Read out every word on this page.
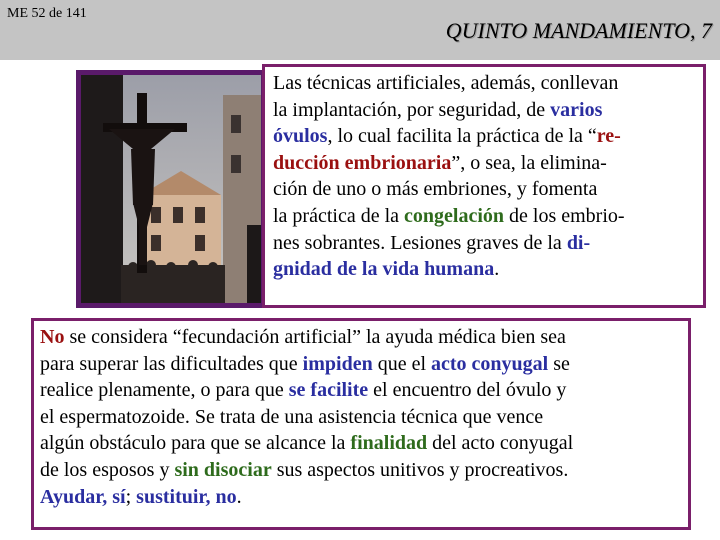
ME 52 de 141
QUINTO MANDAMIENTO, 7

Las técnicas artificiales, además, conllevan
la implantación, por seguridad, de varios
óvulos, lo cual facilita la práctica de la “re-
ducción embrionaria”, o sea, la elimina-
ción de uno o más embriones, y fomenta
la práctica de la congelación de los embrio-
nes sobrantes. Lesiones graves de la di-
gnidad de la vida humana.

No se considera “fecundación artificial” la ayuda médica bien sea
para superar las dificultades que impiden que el acto conyugal se
realice plenamente, o para que se facilite el encuentro del óvulo y
el espermatozoide. Se trata de una asistencia técnica que vence
algún obstáculo para que se alcance la finalidad del acto conyugal
de los esposos y sin disociar sus aspectos unitivos y procreativos.
Ayudar, sí; sustituir, no.
